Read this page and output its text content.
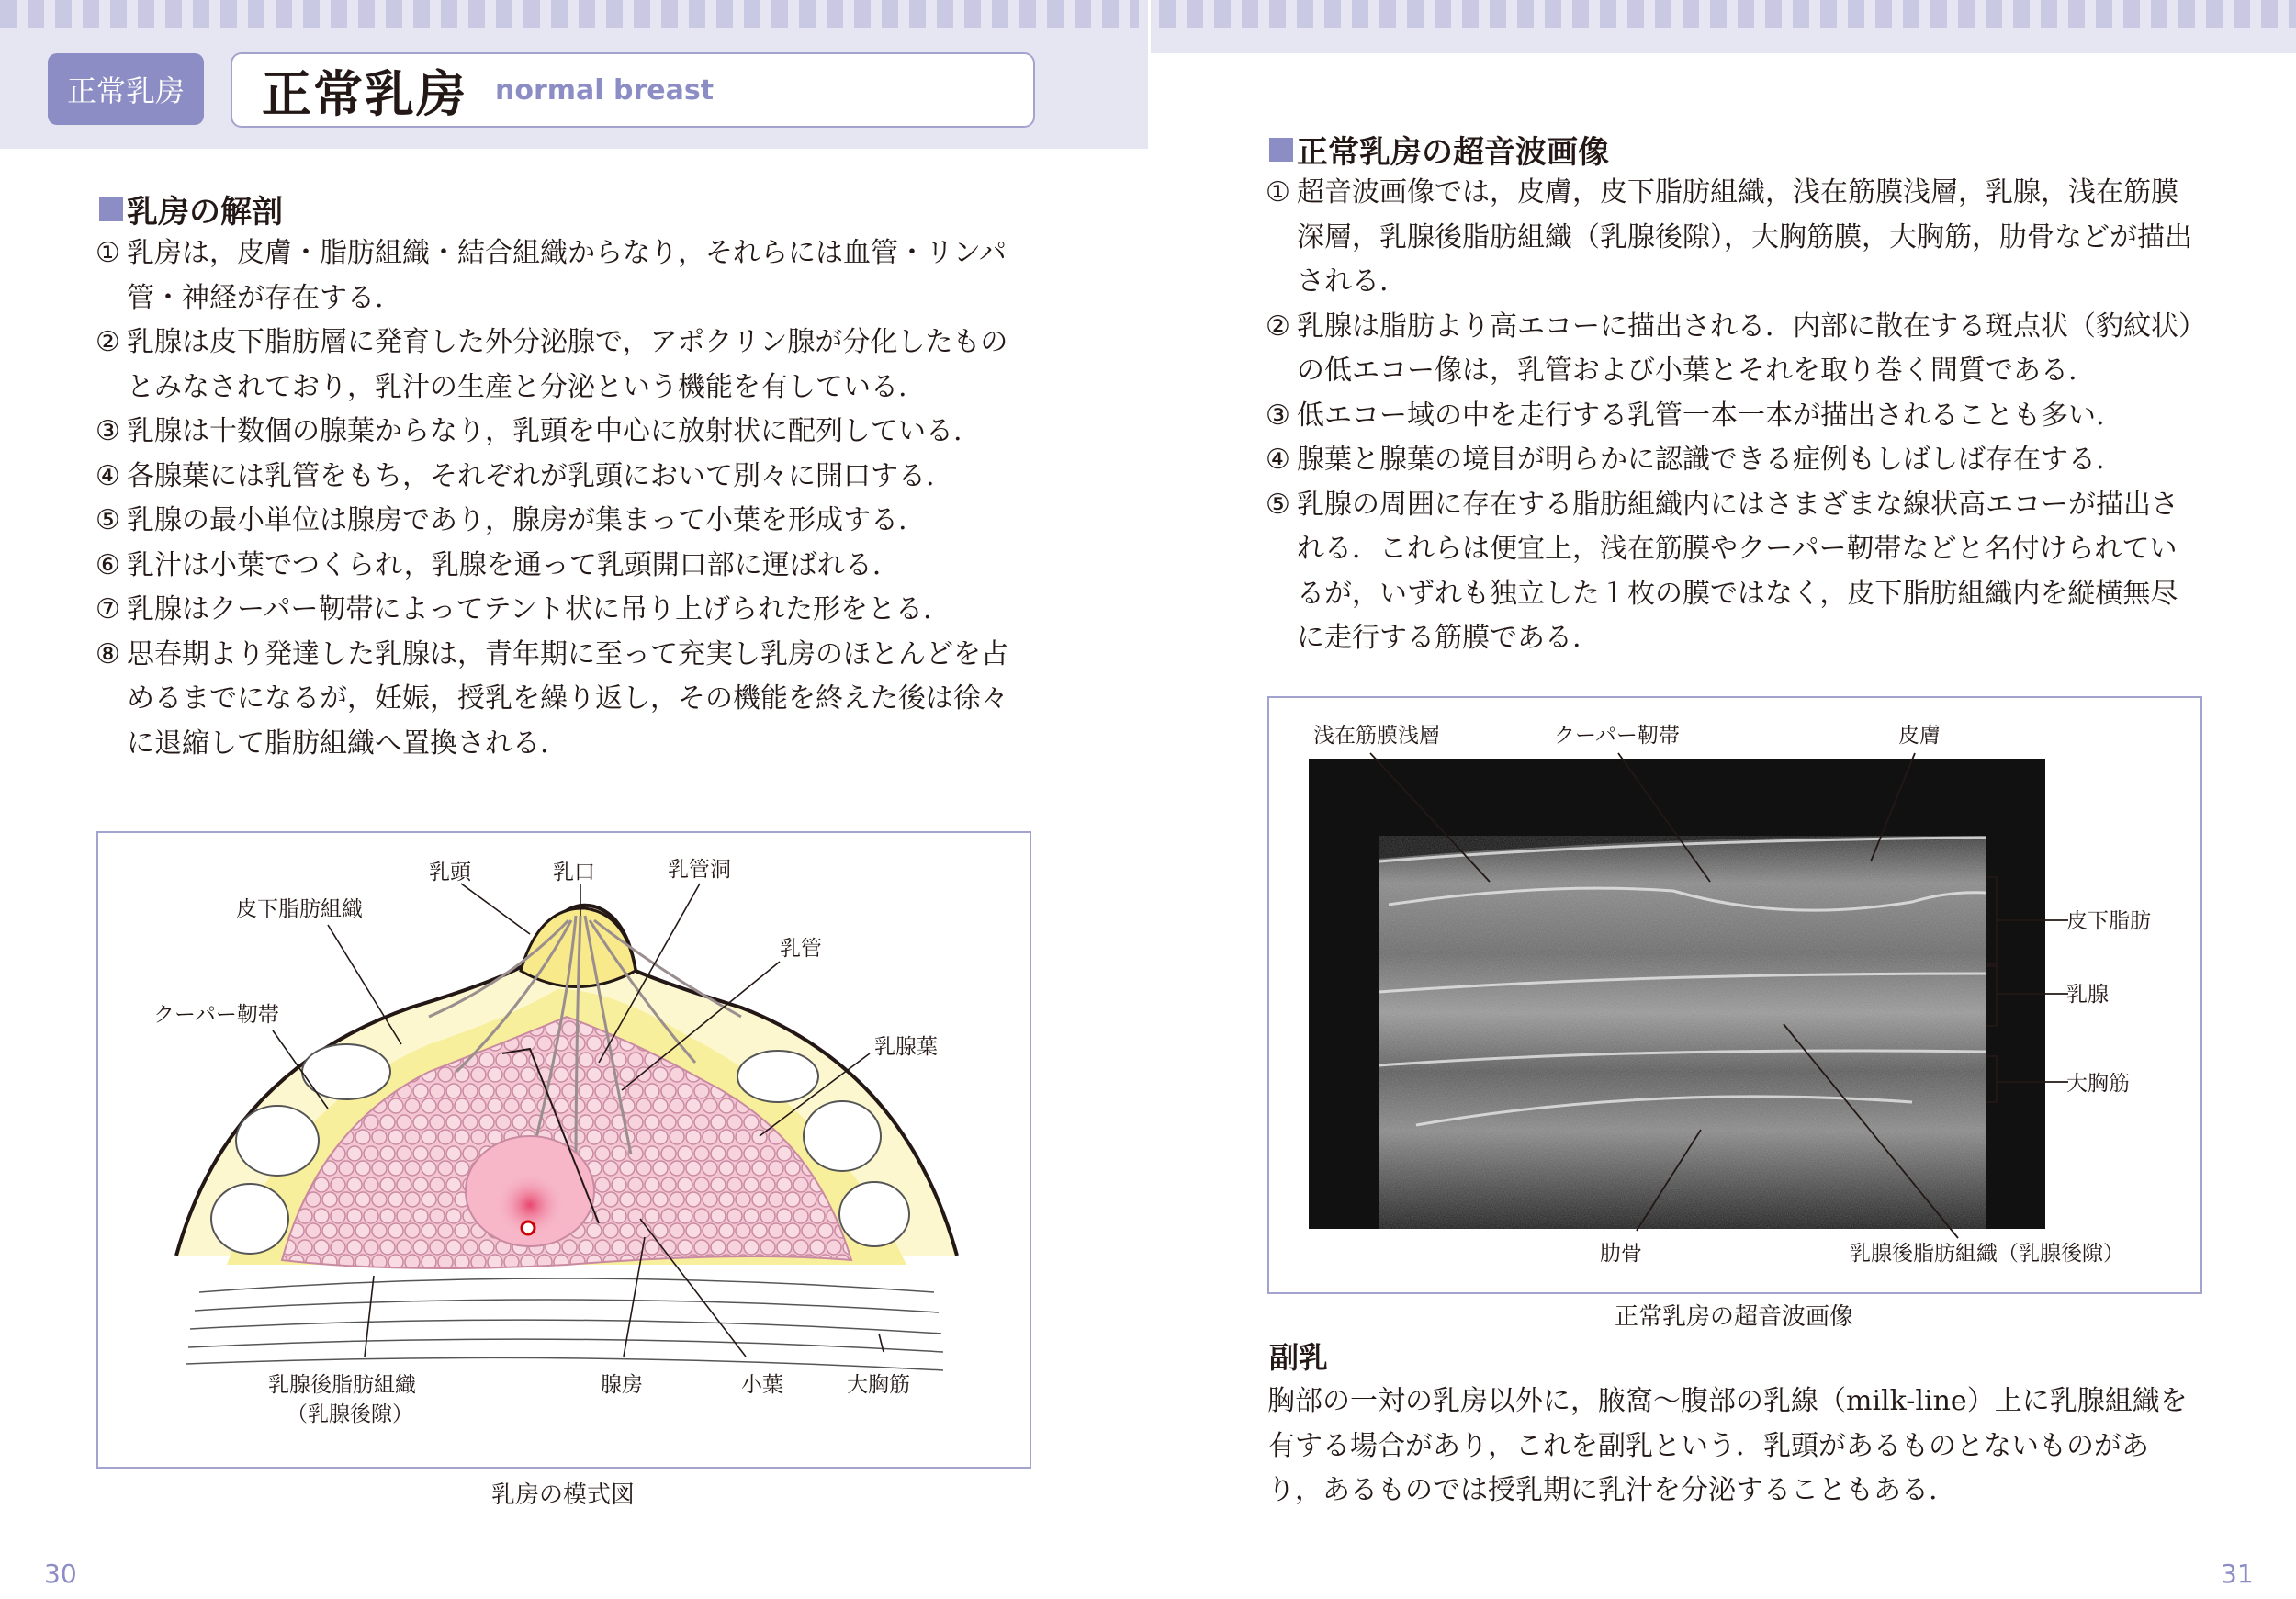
正常乳房	正常乳房 normal breast
乳房の解剖
① 乳房は，皮膚・脂肪組織・結合組織からなり，それらには血管・リンパ管・神経が存在する.
② 乳腺は皮下脂肪層に発育した外分泌腺で，アポクリン腺が分化したものとみなされており，乳汁の生産と分泌という機能を有している.
③ 乳腺は十数個の腺葉からなり，乳頭を中心に放射状に配列している.
④ 各腺葉には乳管をもち，それぞれが乳頭において別々に開口する.
⑤ 乳腺の最小単位は腺房であり，腺房が集まって小葉を形成する.
⑥ 乳汁は小葉でつくられ，乳腺を通って乳頭開口部に運ばれる.
⑦ 乳腺はクーパー靭帯によってテント状に吊り上げられた形をとる.
⑧ 思春期より発達した乳腺は，青年期に至って充実し乳房のほとんどを占めるまでになるが，妊娠，授乳を繰り返し，その機能を終えた後は徐々に退縮して脂肪組織へ置換される.
乳頭	乳口	乳管洞
乳管
皮下脂肪組織
クーパー靭帯
乳腺葉
乳腺後脂肪組織
（乳腺後隙）
腺房	小葉	大胸筋
乳房の模式図
30
正常乳房の超音波画像
① 超音波画像では，皮膚，皮下脂肪組織，浅在筋膜浅層，乳腺，浅在筋膜深層，乳腺後脂肪組織（乳腺後隙），大胸筋膜，大胸筋，肋骨などが描出される.
② 乳腺は脂肪より高エコーに描出される．内部に散在する斑点状（豹紋状）の低エコー像は，乳管および小葉とそれを取り巻く間質である.
③ 低エコー域の中を走行する乳管一本一本が描出されることも多い.
④ 腺葉と腺葉の境目が明らかに認識できる症例もしばしば存在する.
⑤ 乳腺の周囲に存在する脂肪組織内にはさまざまな線状高エコーが描出される．これらは便宜上，浅在筋膜やクーパー靭帯などと名付けられているが，いずれも独立した１枚の膜ではなく，皮下脂肪組織内を縦横無尽に走行する筋膜である.
浅在筋膜浅層	クーパー靭帯	皮膚
皮下脂肪
乳腺
大胸筋
肋骨	乳腺後脂肪組織（乳腺後隙）
正常乳房の超音波画像
副乳
胸部の一対の乳房以外に，腋窩〜腹部の乳線（milk-line）上に乳腺組織を有する場合があり，これを副乳という．乳頭があるものとないものがあり，あるものでは授乳期に乳汁を分泌することもある.
31
